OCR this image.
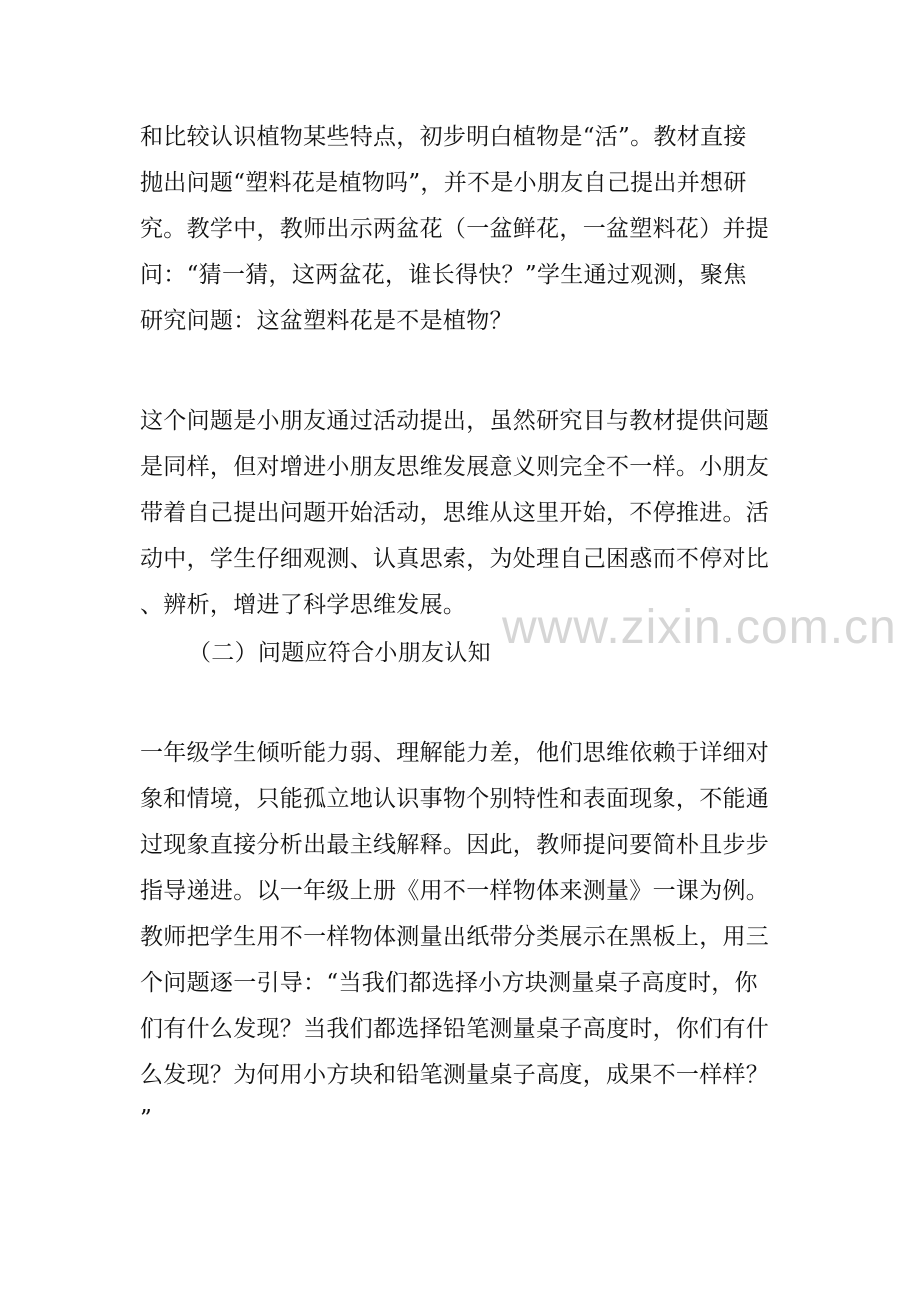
www.zixin.com.cn
和比较认识植物某些特点，初步明白植物是“活”。教材直接
抛出问题“塑料花是植物吗”，并不是小朋友自己提出并想研
究。教学中，教师出示两盆花（一盆鲜花，一盆塑料花）并提
问：“猜一猜，这两盆花，谁长得快？”学生通过观测，聚焦
研究问题：这盆塑料花是不是植物？
这个问题是小朋友通过活动提出，虽然研究目与教材提供问题
是同样，但对增进小朋友思维发展意义则完全不一样。小朋友
带着自己提出问题开始活动，思维从这里开始，不停推进。活
动中，学生仔细观测、认真思索，为处理自己困惑而不停对比
、辨析，增进了科学思维发展。
（二）问题应符合小朋友认知
一年级学生倾听能力弱、理解能力差，他们思维依赖于详细对
象和情境，只能孤立地认识事物个别特性和表面现象，不能通
过现象直接分析出最主线解释。因此，教师提问要简朴且步步
指导递进。以一年级上册《用不一样物体来测量》一课为例。
教师把学生用不一样物体测量出纸带分类展示在黑板上，用三
个问题逐一引导：“当我们都选择小方块测量桌子高度时，你
们有什么发现？当我们都选择铅笔测量桌子高度时，你们有什
么发现？为何用小方块和铅笔测量桌子高度，成果不一样样？
”
